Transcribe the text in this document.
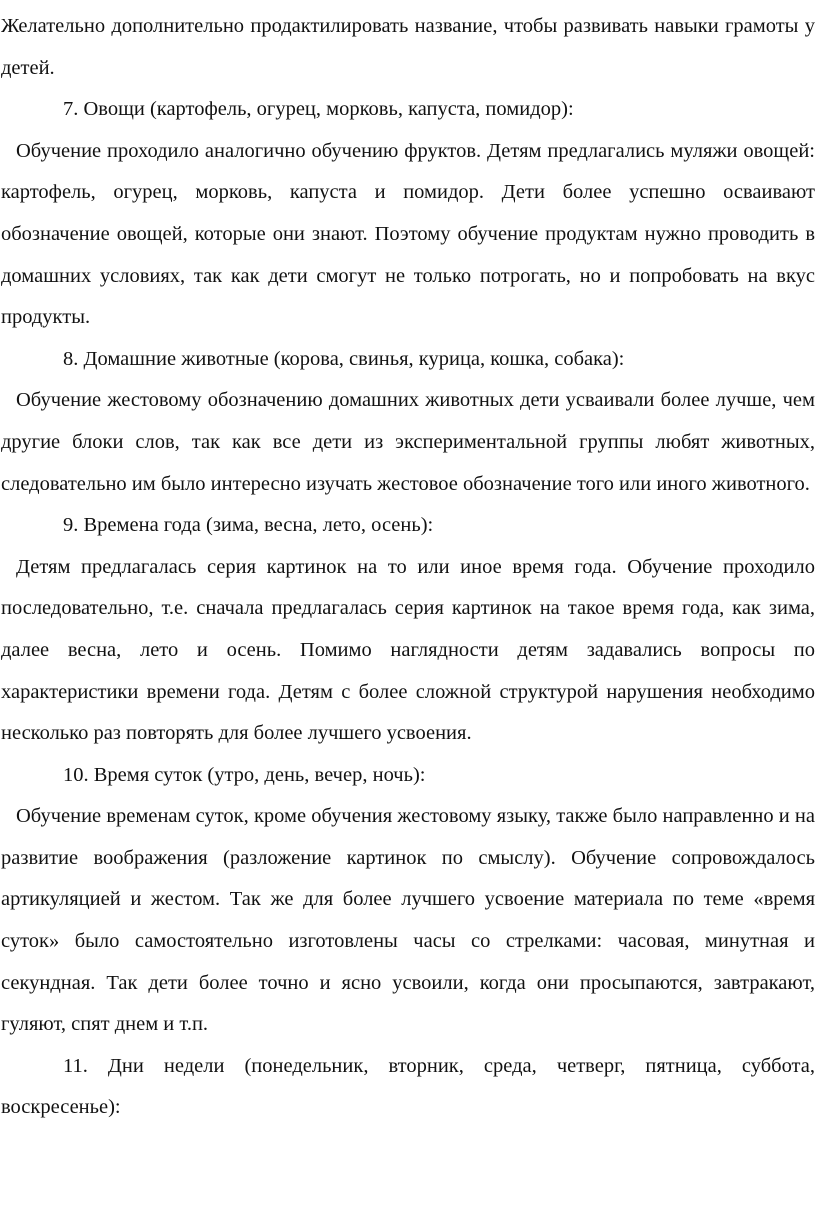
Желательно дополнительно продактилировать название, чтобы развивать навыки грамоты у детей.

7. Овощи (картофель, огурец, морковь, капуста, помидор):

Обучение проходило аналогично обучению фруктов. Детям предлагались муляжи овощей: картофель, огурец, морковь, капуста и помидор. Дети более успешно осваивают обозначение овощей, которые они знают. Поэтому обучение продуктам нужно проводить в домашних условиях, так как дети смогут не только потрогать, но и попробовать на вкус продукты.

8. Домашние животные (корова, свинья, курица, кошка, собака):

Обучение жестовому обозначению домашних животных дети усваивали более лучше, чем другие блоки слов, так как все дети из экспериментальной группы любят животных, следовательно им было интересно изучать жестовое обозначение того или иного животного.

9. Времена года (зима, весна, лето, осень):

Детям предлагалась серия картинок на то или иное время года. Обучение проходило последовательно, т.е. сначала предлагалась серия картинок на такое время года, как зима, далее весна, лето и осень. Помимо наглядности детям задавались вопросы по характеристики времени года. Детям с более сложной структурой нарушения необходимо несколько раз повторять для более лучшего усвоения.

10. Время суток (утро, день, вечер, ночь):

Обучение временам суток, кроме обучения жестовому языку, также было направленно и на развитие воображения (разложение картинок по смыслу). Обучение сопровождалось артикуляцией и жестом. Так же для более лучшего усвоение материала по теме «время суток» было самостоятельно изготовлены часы со стрелками: часовая, минутная и секундная. Так дети более точно и ясно усвоили, когда они просыпаются, завтракают, гуляют, спят днем и т.п.

11. Дни недели (понедельник, вторник, среда, четверг, пятница, суббота, воскресенье):
